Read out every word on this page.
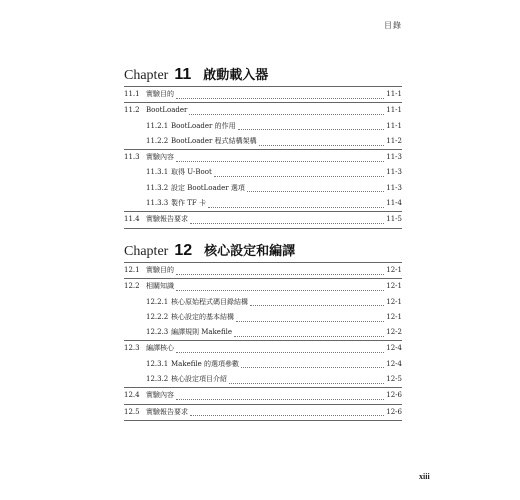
目錄
Chapter 11 啟動載入器
11.1 實驗目的	11-1
11.2 BootLoader	11-1
11.2.1 BootLoader 的作用	11-1
11.2.2 BootLoader 程式結構架構	11-2
11.3 實驗內容	11-3
11.3.1 取得 U-Boot	11-3
11.3.2 設定 BootLoader 選項	11-3
11.3.3 製作 TF 卡	11-4
11.4 實驗報告要求	11-5
Chapter 12 核心設定和編譯
12.1 實驗目的	12-1
12.2 相關知識	12-1
12.2.1 核心原始程式碼目錄結構	12-1
12.2.2 核心設定的基本結構	12-1
12.2.3 編譯規則 Makefile	12-2
12.3 編譯核心	12-4
12.3.1 Makefile 的選項參數	12-4
12.3.2 核心設定項目介紹	12-5
12.4 實驗內容	12-6
12.5 實驗報告要求	12-6
xiii
